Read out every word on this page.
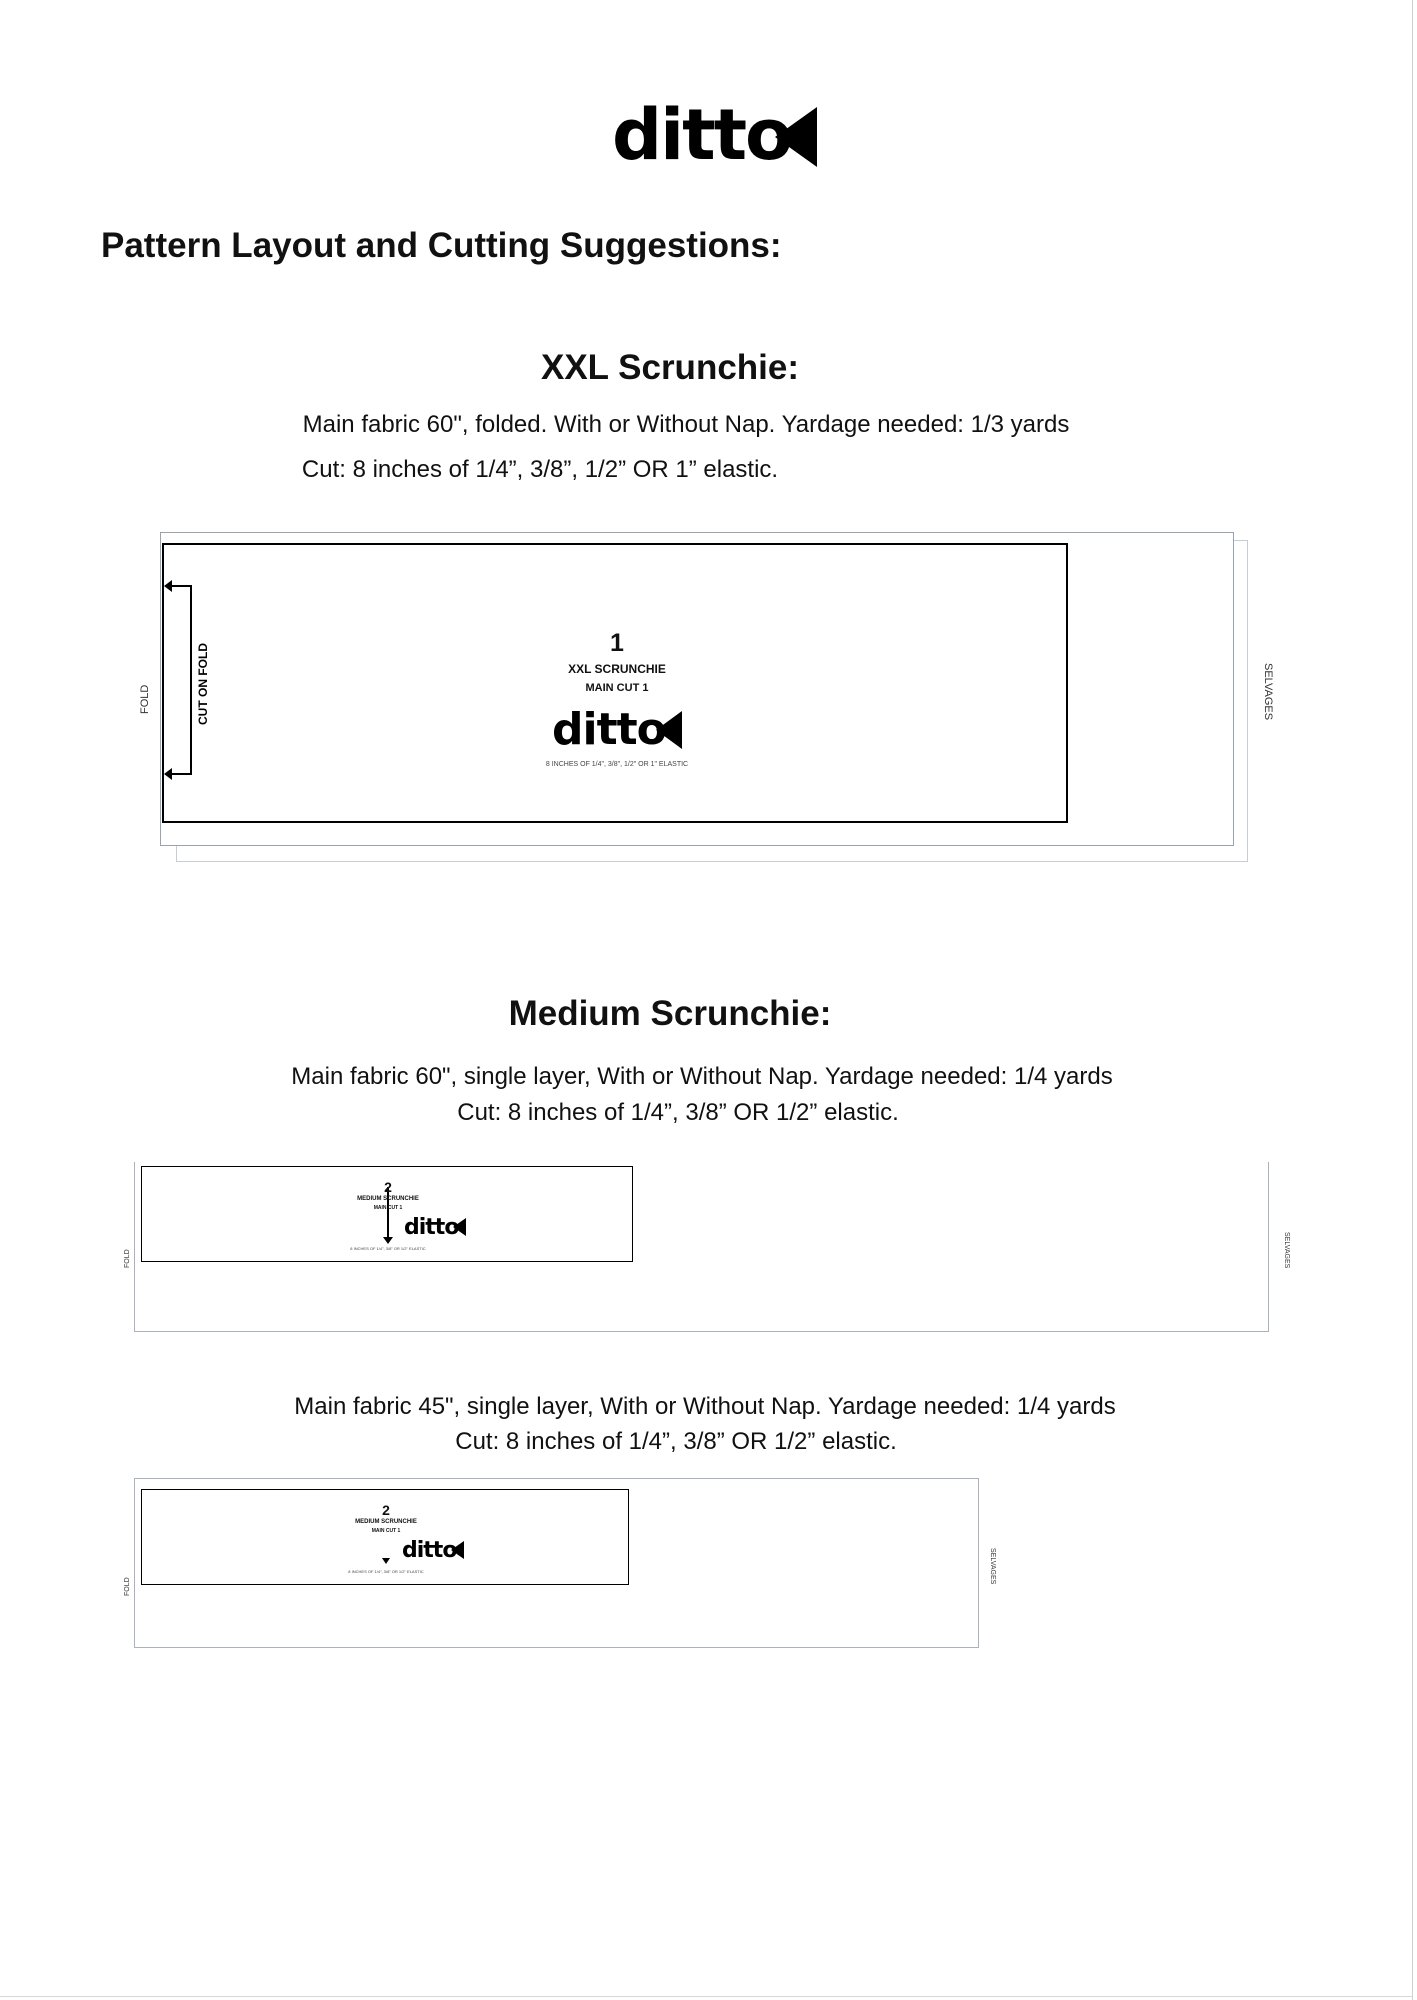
ditto
Pattern Layout and Cutting Suggestions:
XXL Scrunchie:
Main fabric 60", folded. With or Without Nap. Yardage needed: 1/3 yards
Cut: 8 inches of 1/4”, 3/8”, 1/2” OR 1” elastic.
FOLD	SELVAGES
CUT ON FOLD	1
XXL SCRUNCHIE
MAIN CUT 1
ditto
8 INCHES OF 1/4", 3/8", 1/2" OR 1" ELASTIC
Medium Scrunchie:
Main fabric 60", single layer, With or Without Nap. Yardage needed: 1/4 yards
Cut: 8 inches of 1/4”, 3/8” OR 1/2” elastic.
FOLD	SELVAGES
2
MEDIUM SCRUNCHIE
MAIN CUT 1
ditto
8 INCHES OF 1/4", 3/8" OR 1/2" ELASTIC
Main fabric 45", single layer, With or Without Nap. Yardage needed: 1/4 yards
Cut: 8 inches of 1/4”, 3/8” OR 1/2” elastic.
FOLD
SELVAGES
2
MEDIUM SCRUNCHIE
MAIN CUT 1
ditto
8 INCHES OF 1/4", 3/8" OR 1/2" ELASTIC
